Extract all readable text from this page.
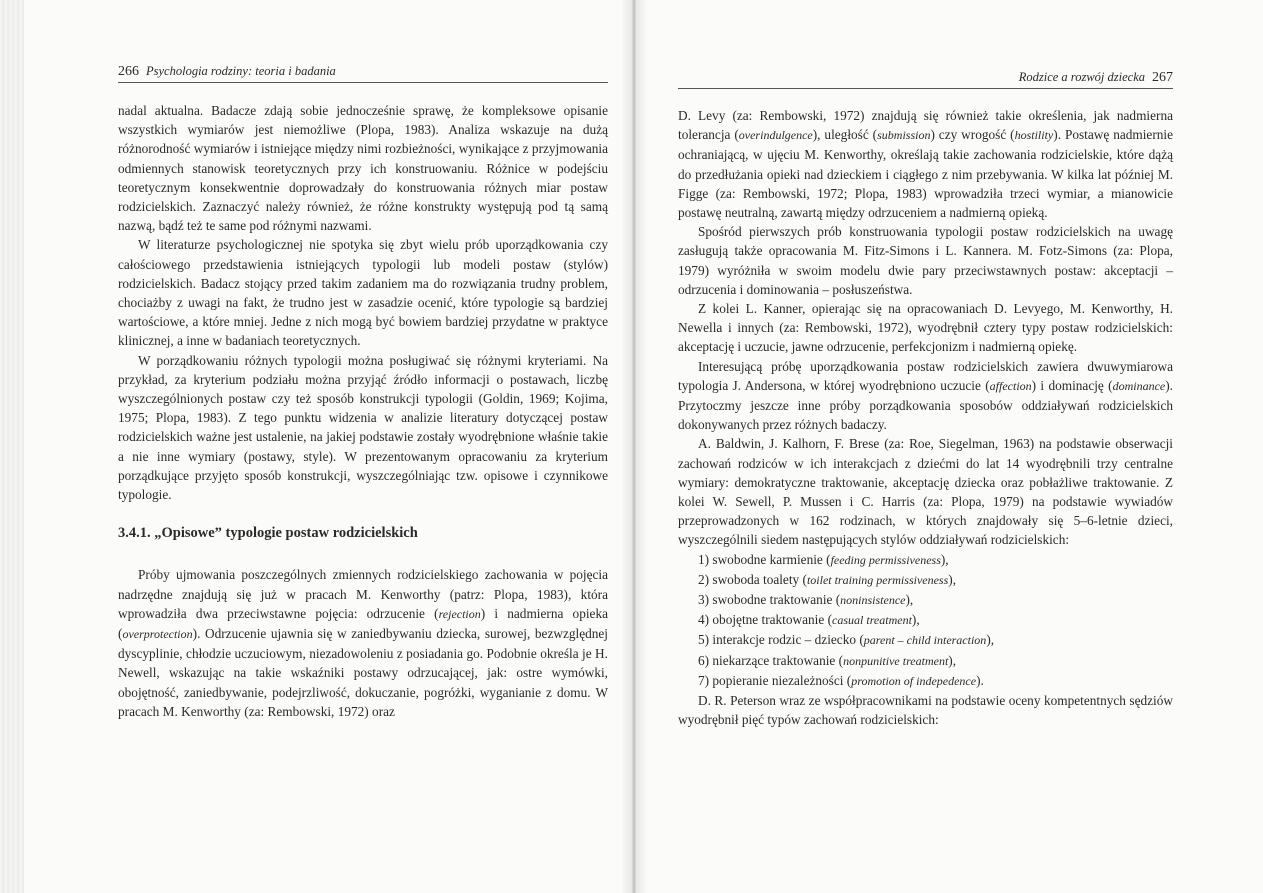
266 Psychologia rodziny: teoria i badania

nadal aktualna. Badacze zdają sobie jednocześnie sprawę, że kompleksowe opisanie wszystkich wymiarów jest niemożliwe (Plopa, 1983). Analiza wskazuje na dużą różnorodność wymiarów i istniejące między nimi rozbieżności, wynikające z przyjmowania odmiennych stanowisk teoretycznych przy ich konstruowaniu. Różnice w podejściu teoretycznym konsekwentnie doprowadzały do konstruowania różnych miar postaw rodzicielskich. Zaznaczyć należy również, że różne konstrukty występują pod tą samą nazwą, bądź też te same pod różnymi nazwami.

W literaturze psychologicznej nie spotyka się zbyt wielu prób uporządkowania czy całościowego przedstawienia istniejących typologii lub modeli postaw (stylów) rodzicielskich. Badacz stojący przed takim zadaniem ma do rozwiązania trudny problem, chociażby z uwagi na fakt, że trudno jest w zasadzie ocenić, które typologie są bardziej wartościowe, a które mniej. Jedne z nich mogą być bowiem bardziej przydatne w praktyce klinicznej, a inne w badaniach teoretycznych.

W porządkowaniu różnych typologii można posługiwać się różnymi kryteriami. Na przykład, za kryterium podziału można przyjąć źródło informacji o postawach, liczbę wyszczególnionych postaw czy też sposób konstrukcji typologii (Goldin, 1969; Kojima, 1975; Plopa, 1983). Z tego punktu widzenia w analizie literatury dotyczącej postaw rodzicielskich ważne jest ustalenie, na jakiej podstawie zostały wyodrębnione właśnie takie a nie inne wymiary (postawy, style). W prezentowanym opracowaniu za kryterium porządkujące przyjęto sposób konstrukcji, wyszczególniając tzw. opisowe i czynnikowe typologie.

3.4.1. „Opisowe” typologie postaw rodzicielskich

Próby ujmowania poszczególnych zmiennych rodzicielskiego zachowania w pojęcia nadrzędne znajdują się już w pracach M. Kenworthy (patrz: Plopa, 1983), która wprowadziła dwa przeciwstawne pojęcia: odrzucenie (rejection) i nadmierna opieka (overprotection). Odrzucenie ujawnia się w zaniedbywaniu dziecka, surowej, bezwzględnej dyscyplinie, chłodzie uczuciowym, niezadowoleniu z posiadania go. Podobnie określa je H. Newell, wskazując na takie wskaźniki postawy odrzucającej, jak: ostre wymówki, obojętność, zaniedbywanie, podejrzliwość, dokuczanie, pogróżki, wyganianie z domu. W pracach M. Kenworthy (za: Rembowski, 1972) oraz

Rodzice a rozwój dziecka 267

D. Levy (za: Rembowski, 1972) znajdują się również takie określenia, jak nadmierna tolerancja (overindulgence), uległość (submission) czy wrogość (hostility). Postawę nadmiernie ochraniającą, w ujęciu M. Kenworthy, określają takie zachowania rodzicielskie, które dążą do przedłużania opieki nad dzieckiem i ciągłego z nim przebywania. W kilka lat później M. Figge (za: Rembowski, 1972; Plopa, 1983) wprowadziła trzeci wymiar, a mianowicie postawę neutralną, zawartą między odrzuceniem a nadmierną opieką.

Spośród pierwszych prób konstruowania typologii postaw rodzicielskich na uwagę zasługują także opracowania M. Fitz-Simons i L. Kannera. M. Fotz-Simons (za: Plopa, 1979) wyróżniła w swoim modelu dwie pary przeciwstawnych postaw: akceptacji – odrzucenia i dominowania – posłuszeństwa.

Z kolei L. Kanner, opierając się na opracowaniach D. Levyego, M. Kenworthy, H. Newella i innych (za: Rembowski, 1972), wyodrębnił cztery typy postaw rodzicielskich: akceptację i uczucie, jawne odrzucenie, perfekcjonizm i nadmierną opiekę.

Interesującą próbę uporządkowania postaw rodzicielskich zawiera dwuwymiarowa typologia J. Andersona, w której wyodrębniono uczucie (affection) i dominację (dominance). Przytoczmy jeszcze inne próby porządkowania sposobów oddziaływań rodzicielskich dokonywanych przez różnych badaczy.

A. Baldwin, J. Kalhorn, F. Brese (za: Roe, Siegelman, 1963) na podstawie obserwacji zachowań rodziców w ich interakcjach z dziećmi do lat 14 wyodrębnili trzy centralne wymiary: demokratyczne traktowanie, akceptację dziecka oraz pobłażliwe traktowanie. Z kolei W. Sewell, P. Mussen i C. Harris (za: Plopa, 1979) na podstawie wywiadów przeprowadzonych w 162 rodzinach, w których znajdowały się 5–6-letnie dzieci, wyszczególnili siedem następujących stylów oddziaływań rodzicielskich:

1) swobodne karmienie (feeding permissiveness),
2) swoboda toalety (toilet training permissiveness),
3) swobodne traktowanie (noninsistence),
4) obojętne traktowanie (casual treatment),
5) interakcje rodzic – dziecko (parent – child interaction),
6) niekarzące traktowanie (nonpunitive treatment),
7) popieranie niezależności (promotion of indepedence).

D. R. Peterson wraz ze współpracownikami na podstawie oceny kompetentnych sędziów wyodrębnił pięć typów zachowań rodzicielskich:
